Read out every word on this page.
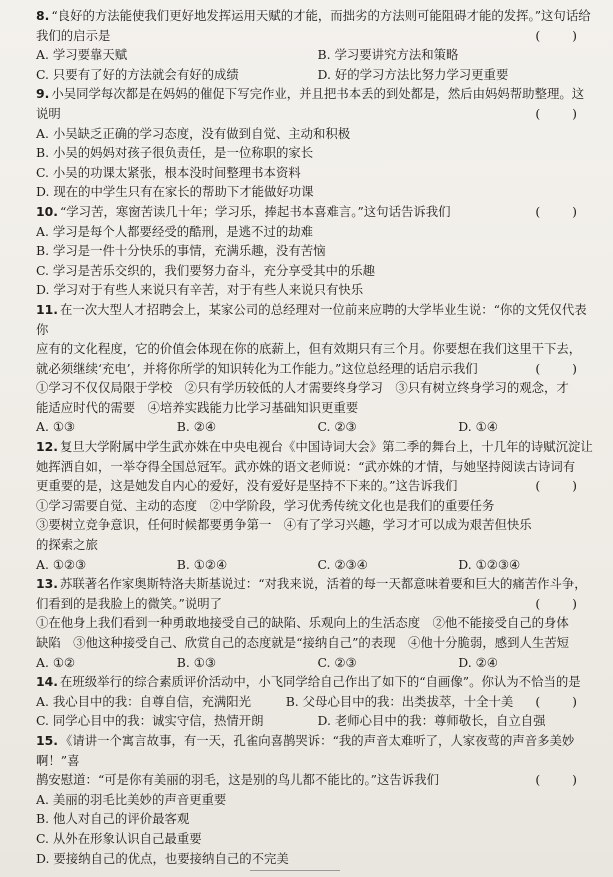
8. “良好的方法能使我们更好地发挥运用天赋的才能，而拙劣的方法则可能阻碍才能的发挥。”这句话给
我们的启示是	( )
A. 学习要靠天赋	B. 学习要讲究方法和策略
C. 只要有了好的方法就会有好的成绩	D. 好的学习方法比努力学习更重要
9. 小吴同学每次都是在妈妈的催促下写完作业，并且把书本丢的到处都是，然后由妈妈帮助整理。这
说明	( )
A. 小吴缺乏正确的学习态度，没有做到自觉、主动和积极
B. 小吴的妈妈对孩子很负责任，是一位称职的家长
C. 小吴的功课太紧张，根本没时间整理书本资料
D. 现在的中学生只有在家长的帮助下才能做好功课
10. “学习苦，寒窗苦读几十年；学习乐，捧起书本喜难言。”这句话告诉我们	( )
A. 学习是每个人都要经受的酷刑，是逃不过的劫难
B. 学习是一件十分快乐的事情，充满乐趣，没有苦恼
C. 学习是苦乐交织的，我们要努力奋斗，充分享受其中的乐趣
D. 学习对于有些人来说只有辛苦，对于有些人来说只有快乐
11. 在一次大型人才招聘会上，某家公司的总经理对一位前来应聘的大学毕业生说：“你的文凭仅代表你
应有的文化程度，它的价值会体现在你的底薪上，但有效期只有三个月。你要想在我们这里干下去，
就必须继续‘充电’，并将你所学的知识转化为工作能力。”这位总经理的话启示我们	( )
①学习不仅仅局限于学校　②只有学历较低的人才需要终身学习　③只有树立终身学习的观念，才
能适应时代的需要　④培养实践能力比学习基础知识更重要
A. ①③	B. ②④	C. ②③	D. ①④
12. 复旦大学附属中学生武亦姝在中央电视台《中国诗词大会》第二季的舞台上，十几年的诗赋沉淀让
她挥洒自如，一举夺得全国总冠军。武亦姝的语文老师说：“武亦姝的才情，与她坚持阅读古诗词有
更重要的是，这是她发自内心的爱好，没有爱好是坚持不下来的。”这告诉我们	( )
①学习需要自觉、主动的态度　②中学阶段，学习优秀传统文化也是我们的重要任务
③要树立竞争意识，任何时候都要勇争第一　④有了学习兴趣，学习才可以成为艰苦但快乐
的探索之旅
A. ①②③	B. ①②④	C. ②③④	D. ①②③④
13. 苏联著名作家奥斯特洛夫斯基说过：“对我来说，活着的每一天都意味着要和巨大的痛苦作斗争，
们看到的是我脸上的微笑。”说明了	( )
①在他身上我们看到一种勇敢地接受自己的缺陷、乐观向上的生活态度　②他不能接受自己的身体
缺陷　③他这种接受自己、欣赏自己的态度就是“接纳自己”的表现　④他十分脆弱，感到人生苦短
A. ①②	B. ①③	C. ②③	D. ②④
14. 在班级举行的综合素质评价活动中，小飞同学给自己作出了如下的“自画像”。你认为不恰当的是
( )
A. 我心目中的我：自尊自信，充满阳光	B. 父母心目中的我：出类拔萃，十全十美
C. 同学心目中的我：诚实守信，热情开朗	D. 老师心目中的我：尊师敬长，自立自强
15. 《请讲一个寓言故事，有一天，孔雀向喜鹊哭诉：“我的声音太难听了，人家夜莺的声音多美妙啊！”喜
鹊安慰道：“可是你有美丽的羽毛，这是别的鸟儿都不能比的。”这告诉我们	( )
A. 美丽的羽毛比美妙的声音更重要
B. 他人对自己的评价最客观
C. 从外在形象认识自己最重要
D. 要接纳自己的优点，也要接纳自己的不完美
